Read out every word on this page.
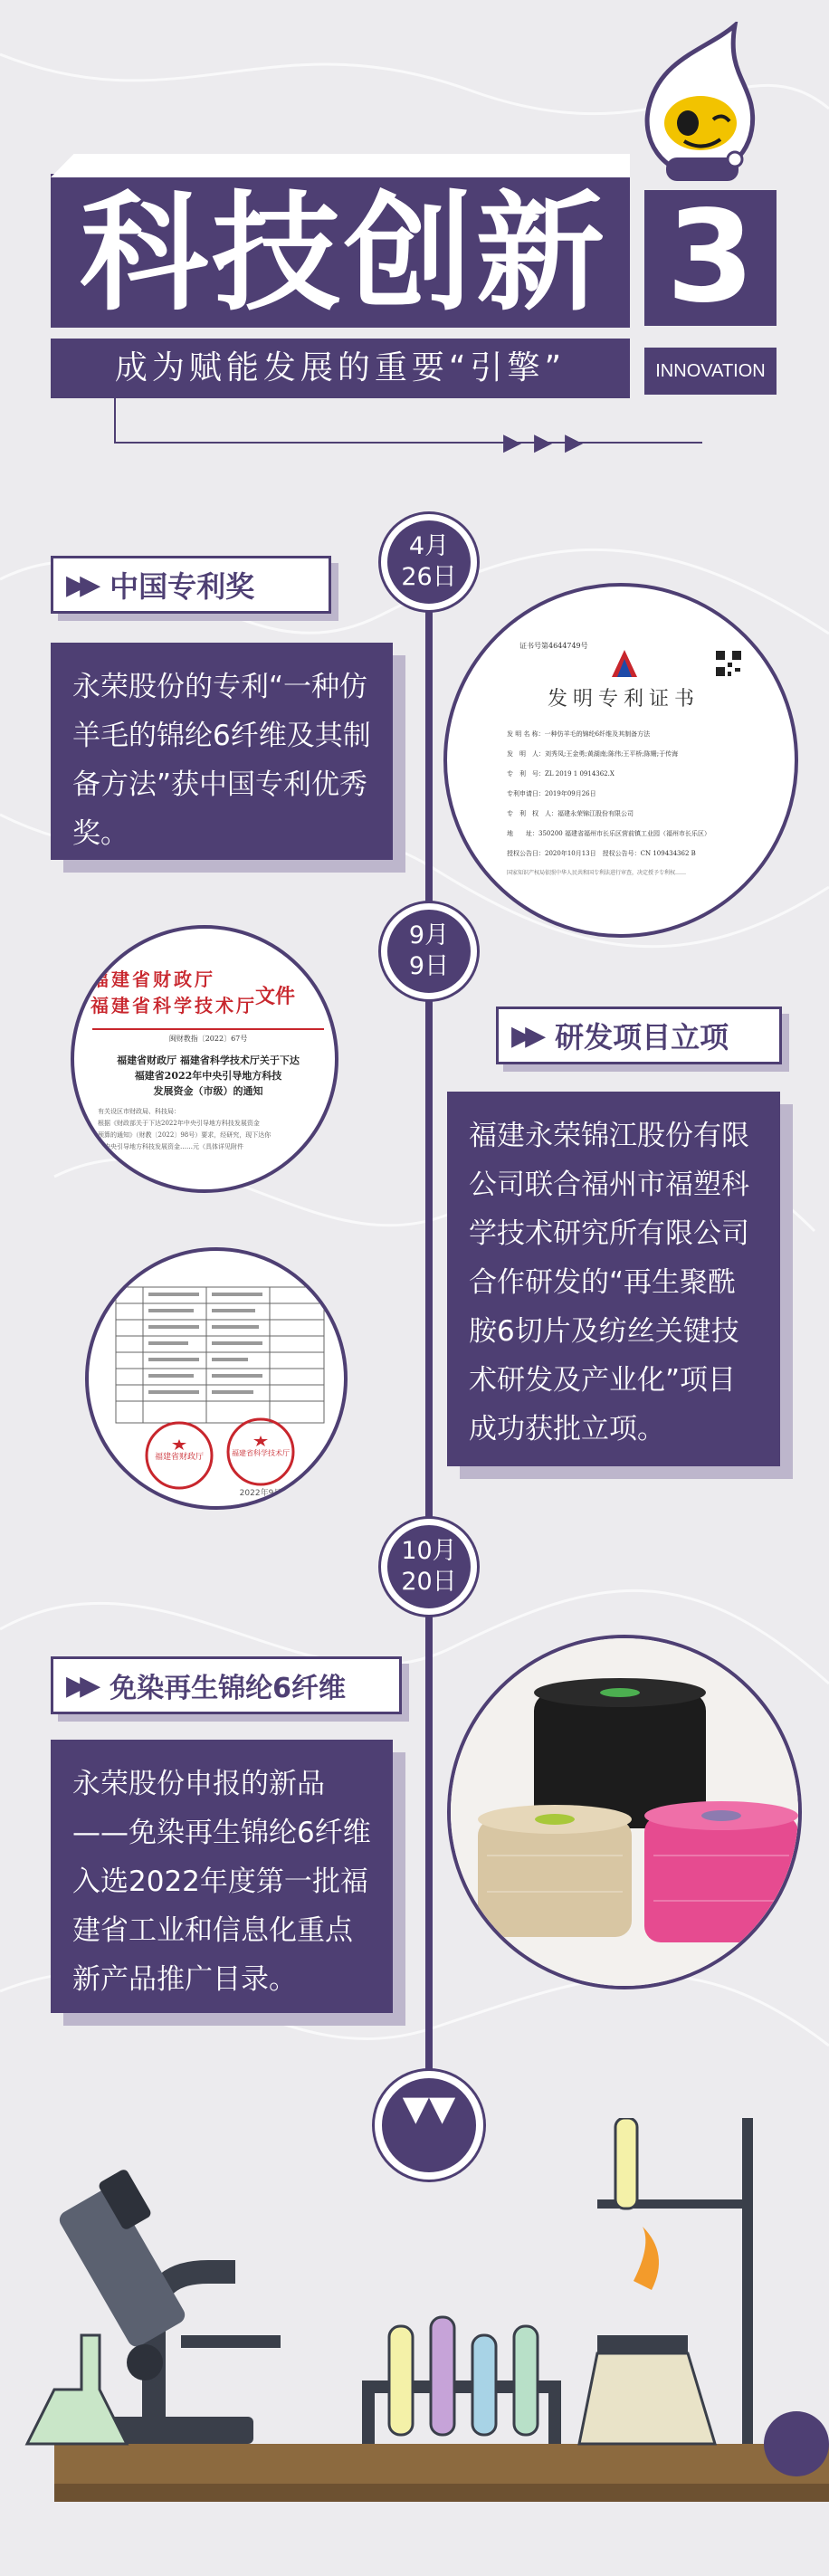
科技创新 3
成为赋能发展的重要“引擎”	INNOVATION
▶▶▶
4月
26日
▶▶ 中国专利奖
永荣股份的专利“一种仿羊毛的锦纶6纤维及其制备方法”获中国专利优秀奖。
证书号第4644749号
发明专利证书
发 明 名 称：一种仿羊毛的锦纶6纤维及其制备方法
发　明　人：刘秀凤;王金勇;黄湖南;陈伟;王平桥;陈姗;于传海
专　利　号：ZL 2019 1 0914362.X
专利申请日：2019年09月26日
专　利　权　人：福建永荣锦江股份有限公司
地　　址：350200 福建省福州市长乐区营前镇工业园（福州市长乐区）
授权公告日：2020年10月13日　授权公告号：CN 109434362 B
国家知识产权局依照中华人民共和国专利法进行审查，决定授予专利权……
9月
9日
福建省财政厅
文件
福建省科学技术厅
闽财教指〔2022〕67号
福建省财政厅 福建省科学技术厅关于下达
福建省2022年中央引导地方科技
发展资金（市级）的通知
有关设区市财政局、科技局：
根据《财政部关于下达2022年中央引导地方科技发展资金
预算的通知》（财教〔2022〕98号）要求，经研究，现下达你
市中央引导地方科技发展资金……元（具体详见附件
福建省财政厅	福建省科学技术厅
2022年9月
▶▶ 研发项目立项
福建永荣锦江股份有限公司联合福州市福塑科学技术研究所有限公司合作研发的“再生聚酰胺6切片及纺丝关键技术研发及产业化”项目成功获批立项。
10月
20日
▶▶ 免染再生锦纶6纤维
永荣股份申报的新品——免染再生锦纶6纤维入选2022年度第一批福建省工业和信息化重点新产品推广目录。
▼▼
